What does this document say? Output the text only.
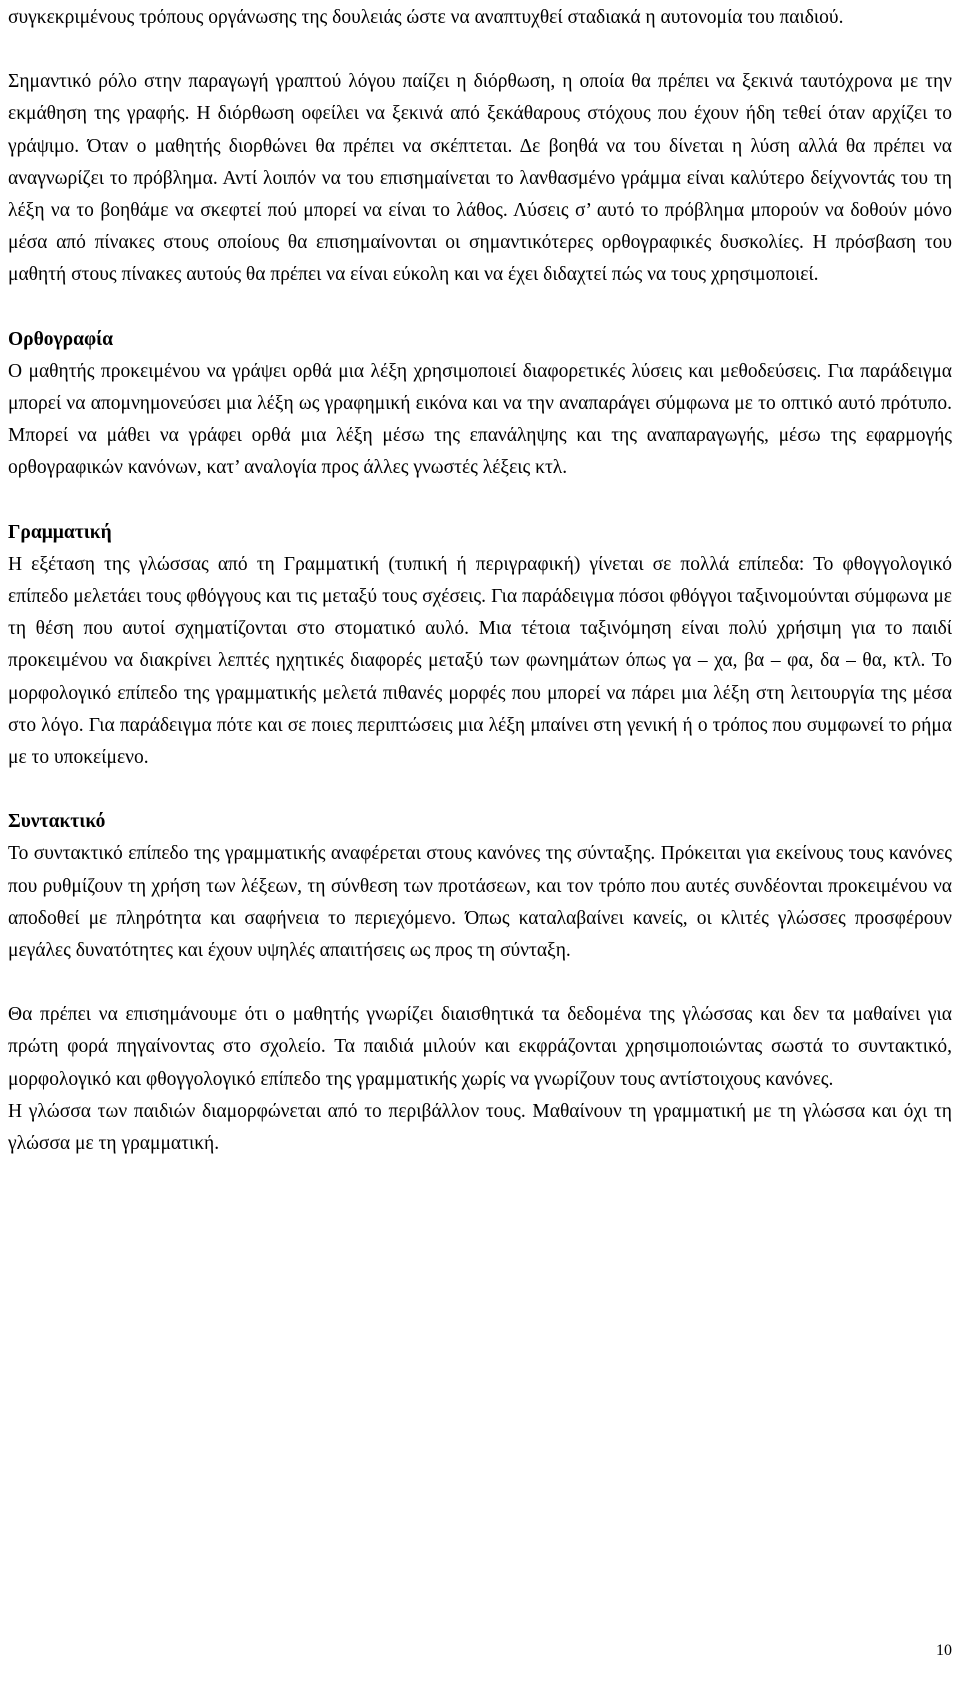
συγκεκριμένους τρόπους οργάνωσης της δουλειάς ώστε να αναπτυχθεί σταδιακά η αυτονομία του παιδιού.

Σημαντικό ρόλο στην παραγωγή γραπτού λόγου παίζει η διόρθωση, η οποία θα πρέπει να ξεκινά ταυτόχρονα με την εκμάθηση της γραφής. Η διόρθωση οφείλει να ξεκινά από ξεκάθαρους στόχους που έχουν ήδη τεθεί όταν αρχίζει το γράψιμο. Όταν ο μαθητής διορθώνει θα πρέπει να σκέπτεται. Δε βοηθά να του δίνεται η λύση αλλά θα πρέπει να αναγνωρίζει το πρόβλημα. Αντί λοιπόν να του επισημαίνεται το λανθασμένο γράμμα είναι καλύτερο δείχνοντάς του τη λέξη να το βοηθάμε να σκεφτεί πού μπορεί να είναι το λάθος. Λύσεις σ’ αυτό το πρόβλημα μπορούν να δοθούν μόνο μέσα από πίνακες στους οποίους θα επισημαίνονται οι σημαντικότερες ορθογραφικές δυσκολίες. Η πρόσβαση του μαθητή στους πίνακες αυτούς θα πρέπει να είναι εύκολη και να έχει διδαχτεί πώς να τους χρησιμοποιεί.

Ορθογραφία

Ο μαθητής προκειμένου να γράψει ορθά μια λέξη χρησιμοποιεί διαφορετικές λύσεις και μεθοδεύσεις. Για παράδειγμα μπορεί να απομνημονεύσει μια λέξη ως γραφημική εικόνα και να την αναπαράγει σύμφωνα με το οπτικό αυτό πρότυπο. Μπορεί να μάθει να γράφει ορθά μια λέξη μέσω της επανάληψης και της αναπαραγωγής, μέσω της εφαρμογής ορθογραφικών κανόνων, κατ’ αναλογία προς άλλες γνωστές λέξεις κτλ.

Γραμματική

Η εξέταση της γλώσσας από τη Γραμματική (τυπική ή περιγραφική) γίνεται σε πολλά επίπεδα: Το φθογγολογικό επίπεδο μελετάει τους φθόγγους και τις μεταξύ τους σχέσεις. Για παράδειγμα πόσοι φθόγγοι ταξινομούνται σύμφωνα με τη θέση που αυτοί σχηματίζονται στο στοματικό αυλό. Μια τέτοια ταξινόμηση είναι πολύ χρήσιμη για το παιδί προκειμένου να διακρίνει λεπτές ηχητικές διαφορές μεταξύ των φωνημάτων όπως γα – χα, βα – φα, δα – θα, κτλ. Το μορφολογικό επίπεδο της γραμματικής μελετά πιθανές μορφές που μπορεί να πάρει μια λέξη στη λειτουργία της μέσα στο λόγο. Για παράδειγμα πότε και σε ποιες περιπτώσεις μια λέξη μπαίνει στη γενική ή ο τρόπος που συμφωνεί το ρήμα με το υποκείμενο.

Συντακτικό

Το συντακτικό επίπεδο της γραμματικής αναφέρεται στους κανόνες της σύνταξης. Πρόκειται για εκείνους τους κανόνες που ρυθμίζουν τη χρήση των λέξεων, τη σύνθεση των προτάσεων, και τον τρόπο που αυτές συνδέονται προκειμένου να αποδοθεί με πληρότητα και σαφήνεια το περιεχόμενο. Όπως καταλαβαίνει κανείς, οι κλιτές γλώσσες προσφέρουν μεγάλες δυνατότητες και έχουν υψηλές απαιτήσεις ως προς τη σύνταξη.

Θα πρέπει να επισημάνουμε ότι ο μαθητής γνωρίζει διαισθητικά τα δεδομένα της γλώσσας και δεν τα μαθαίνει για πρώτη φορά πηγαίνοντας στο σχολείο. Τα παιδιά μιλούν και εκφράζονται χρησιμοποιώντας σωστά το συντακτικό, μορφολογικό και φθογγολογικό επίπεδο της γραμματικής χωρίς να γνωρίζουν τους αντίστοιχους κανόνες.

Η γλώσσα των παιδιών διαμορφώνεται από το περιβάλλον τους. Μαθαίνουν τη γραμματική με τη γλώσσα και όχι τη γλώσσα με τη γραμματική.

10
